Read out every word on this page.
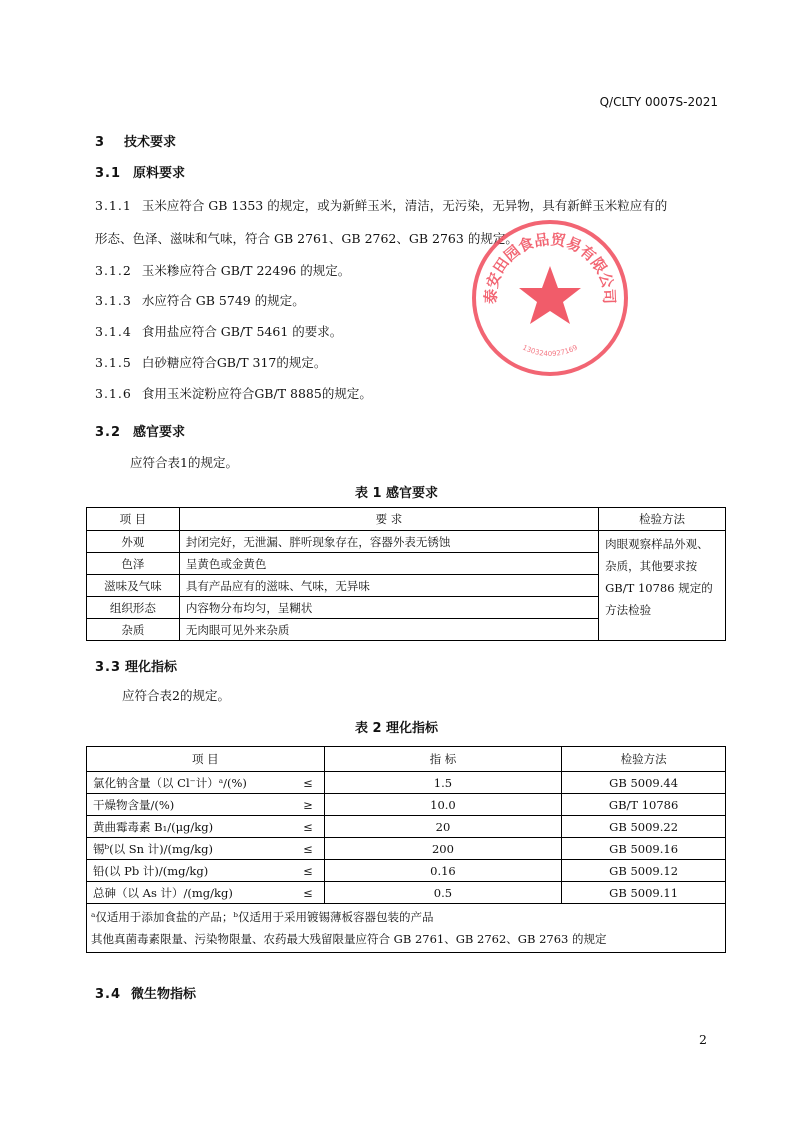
Q/CLTY 0007S-2021
3 技术要求
3.1 原料要求
3.1.1 玉米应符合 GB 1353 的规定，或为新鲜玉米，清洁，无污染，无异物，具有新鲜玉米粒应有的
形态、色泽、滋味和气味，符合 GB 2761、GB 2762、GB 2763 的规定。
3.1.2 玉米糁应符合 GB/T 22496 的规定。
3.1.3 水应符合 GB 5749 的规定。
3.1.4 食用盐应符合 GB/T 5461 的要求。
3.1.5 白砂糖应符合GB/T 317的规定。
3.1.6 食用玉米淀粉应符合GB/T 8885的规定。
3.2 感官要求
应符合表1的规定。
表 1 感官要求
项 目	要 求	检验方法
外观	封闭完好，无泄漏、胖听现象存在，容器外表无锈蚀	肉眼观察样品外观、杂质，其他要求按GB/T 10786 规定的方法检验
色泽	呈黄色或金黄色	
滋味及气味	具有产品应有的滋味、气味，无异味	
组织形态	内容物分布均匀，呈糊状	
杂质	无肉眼可见外来杂质	
3.3 理化指标
应符合表2的规定。
表 2 理化指标
项 目		指 标	检验方法
氯化钠含量（以 Cl⁻计）ᵃ/(%)	≤	1.5	GB 5009.44
干燥物含量/(%)	≥	10.0	GB/T 10786
黄曲霉毒素 B₁/(μg/kg)	≤	20	GB 5009.22
锡ᵇ(以 Sn 计)/(mg/kg)	≤	200	GB 5009.16
铅(以 Pb 计)/(mg/kg)	≤	0.16	GB 5009.12
总砷（以 As 计）/(mg/kg)	≤	0.5	GB 5009.11

ᵃ仅适用于添加食盐的产品；ᵇ仅适用于采用镀锡薄板容器包装的产品
其他真菌毒素限量、污染物限量、农药最大残留限量应符合 GB 2761、GB 2762、GB 2763 的规定			
3.4 微生物指标
2
泰安田园食品贸易有限公司
1303240927169
